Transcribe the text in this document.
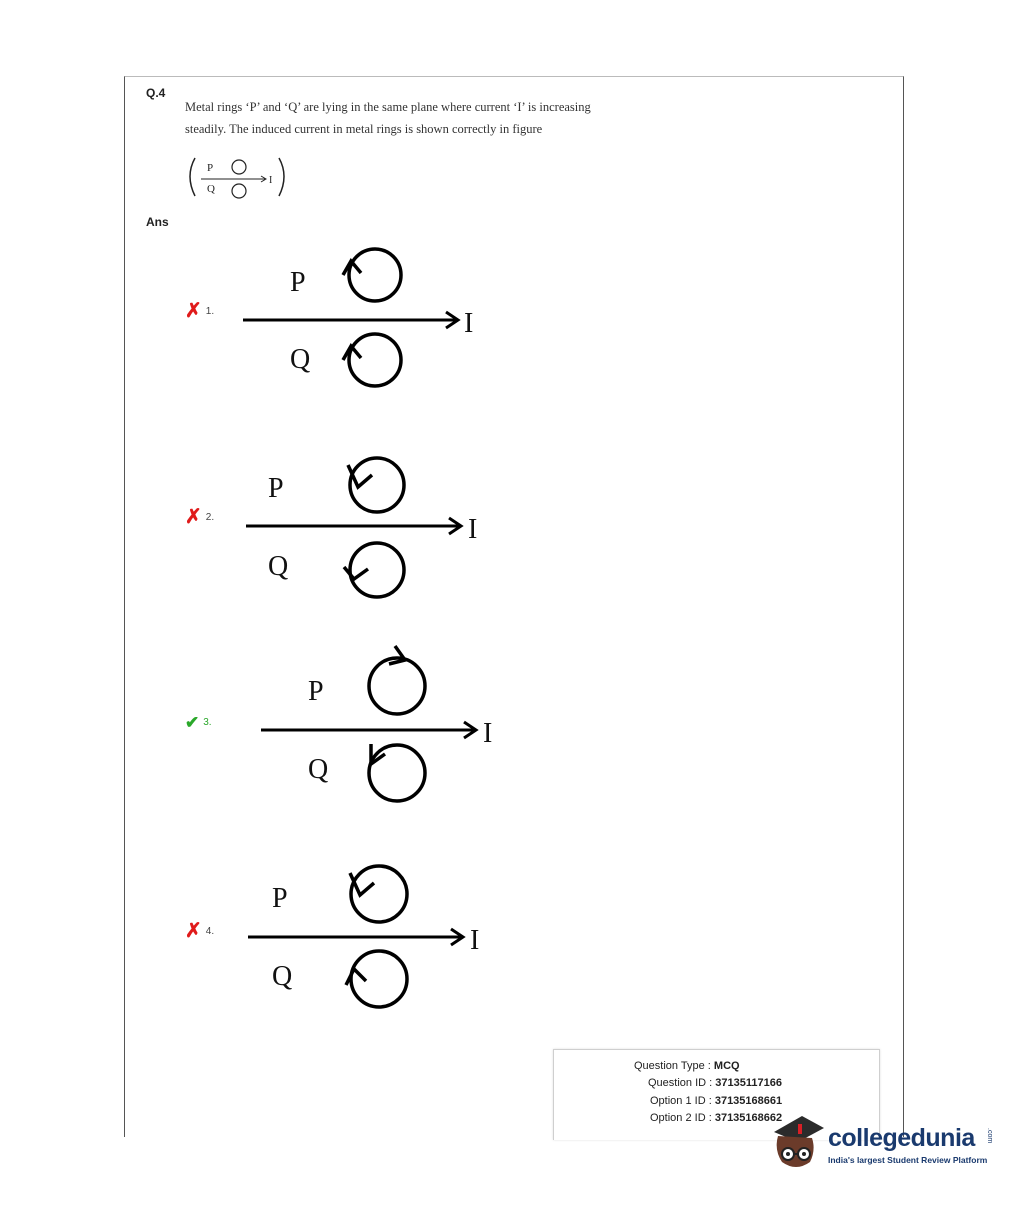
Q.4
Metal rings ‘P’ and ‘Q’ are lying in the same plane where current ‘I’ is increasing
steadily. The induced current in metal rings is shown correctly in figure
P
Q
I
Ans
✗ 1.
P
Q
I
✗ 2.
P
Q
I
✔ 3.
P
Q
I
✗ 4.
P
Q
I
Question Type : MCQ
Question ID : 37135117166
Option 1 ID : 37135168661
Option 2 ID : 37135168662
collegedunia .com
India's largest Student Review Platform
